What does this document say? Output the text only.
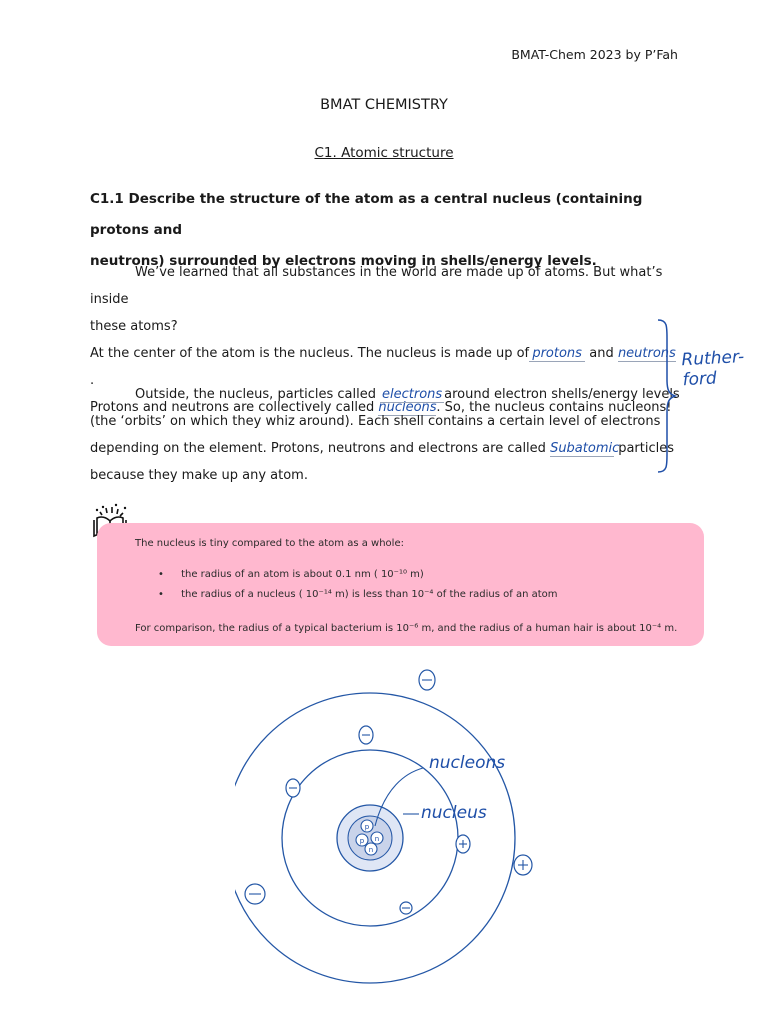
BMAT-Chem 2023 by P’Fah
BMAT CHEMISTRY
C1. Atomic structure
C1.1 Describe the structure of the atom as a central nucleus (containing protons and
neutrons) surrounded by electrons moving in shells/energy levels.
We’ve learned that all substances in the world are made up of atoms. But what’s inside
these atoms?
At the center of the atom is the nucleus. The nucleus is made up of protons and neutrons.
Protons and neutrons are collectively called nucleons. So, the nucleus contains nucleons!
Outside, the nucleus, particles called electrons around electron shells/energy levels
(the ‘orbits’ on which they whiz around). Each shell contains a certain level of electrons
depending on the element. Protons, neutrons and electrons are called Subatomic particles
because they make up any atom.
Ruther-ford
The nucleus is tiny compared to the atom as a whole:
• the radius of an atom is about 0.1 nm ( 10⁻¹⁰ m)
• the radius of a nucleus ( 10⁻¹⁴ m) is less than 10⁻⁴ of the radius of an atom
For comparison, the radius of a typical bacterium is 10⁻⁶ m, and the radius of a human hair is about 10⁻⁴ m.
p
n
p
n
nucleons
nucleus
